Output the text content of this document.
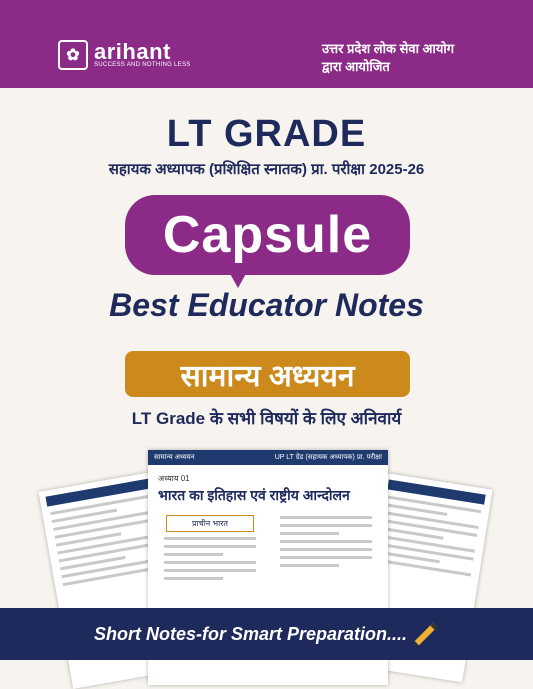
✿ arihant
SUCCESS AND NOTHING LESS
उत्तर प्रदेश लोक सेवा आयोग
द्वारा आयोजित
LT GRADE
सहायक अध्यापक (प्रशिक्षित स्नातक) प्रा. परीक्षा 2025-26
Capsule
Best Educator Notes
सामान्य अध्ययन
LT Grade के सभी विषयों के लिए अनिवार्य
सामान्य अध्ययन	UP LT ग्रेड (सहायक अध्यापक) प्रा. परीक्षा
अध्याय 01
भारत का इतिहास एवं राष्ट्रीय आन्दोलन
प्राचीन भारत
Short Notes-for Smart Preparation....
